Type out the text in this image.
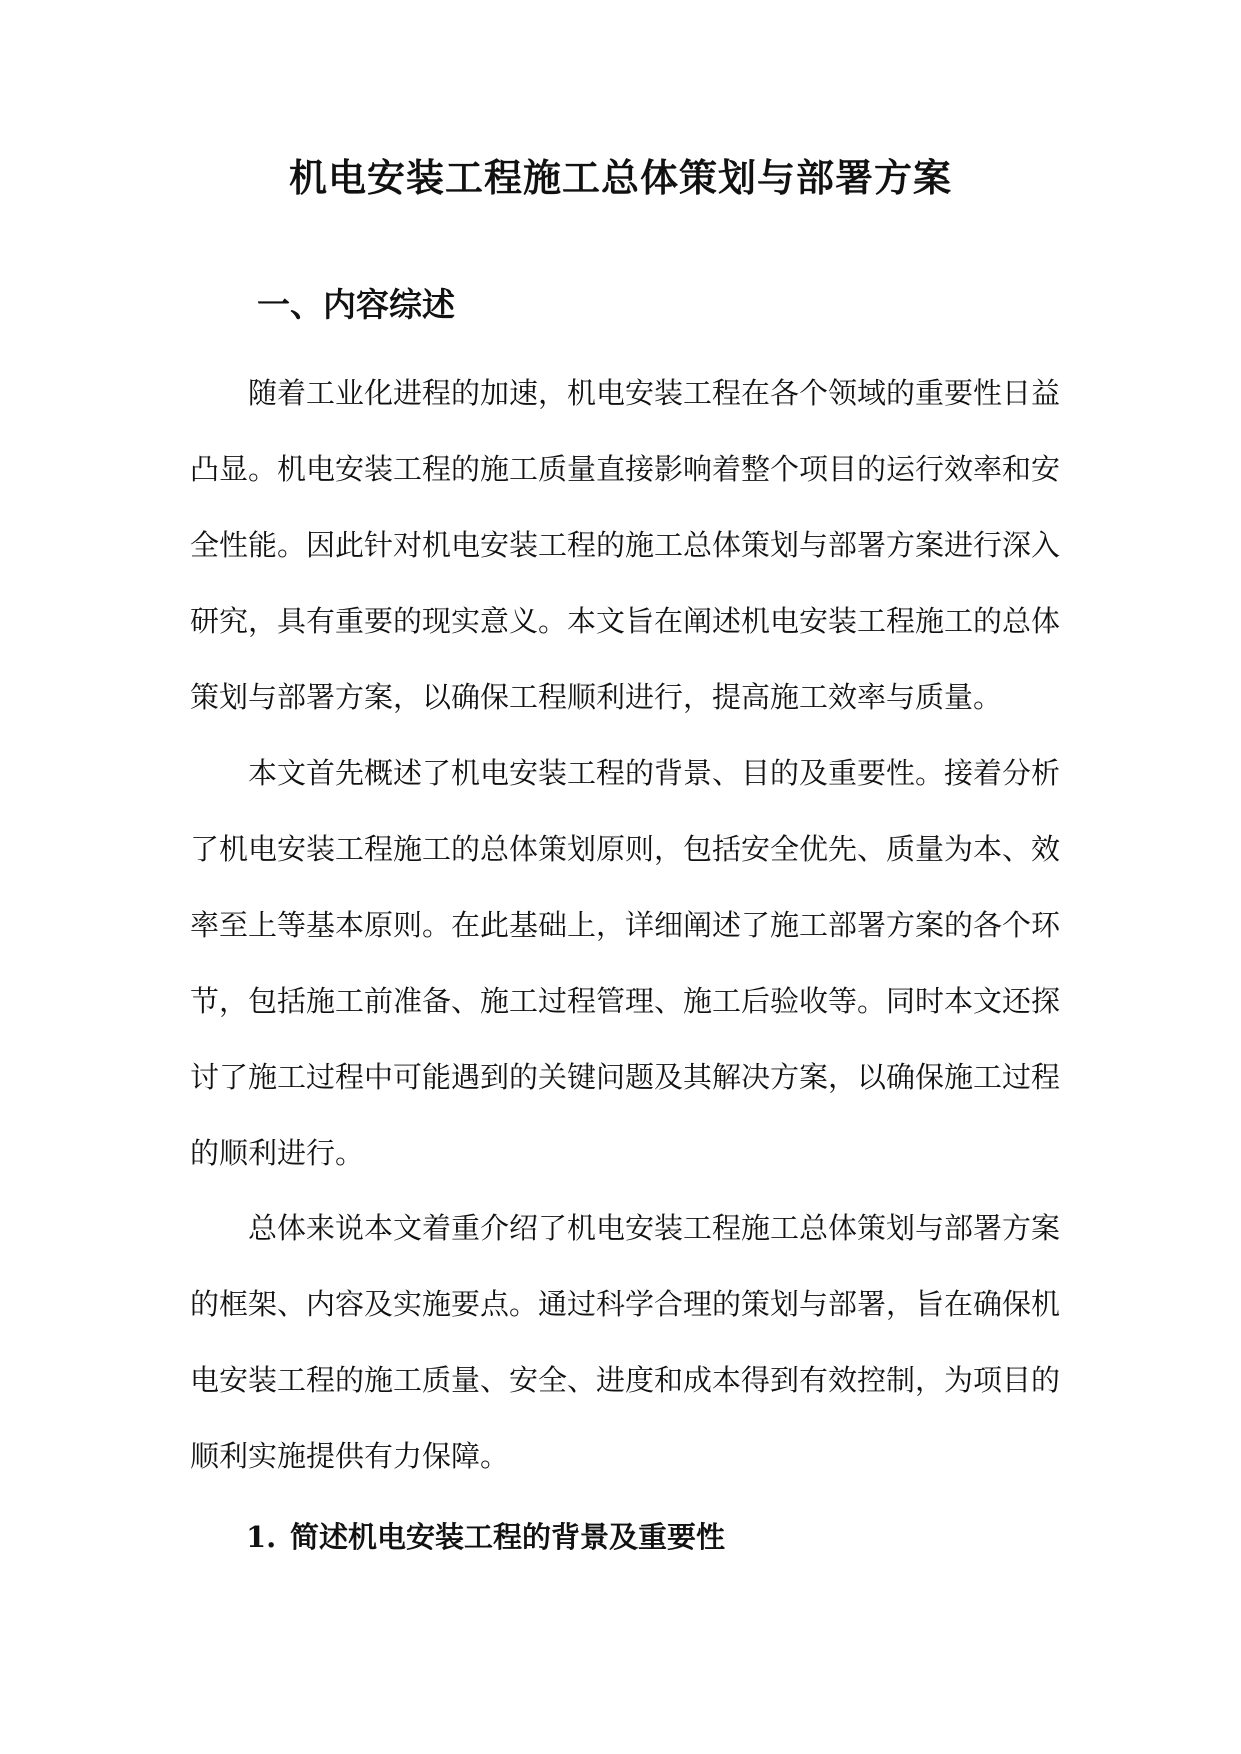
机电安装工程施工总体策划与部署方案
一、内容综述

随着工业化进程的加速，机电安装工程在各个领域的重要性日益凸显。机电安装工程的施工质量直接影响着整个项目的运行效率和安全性能。因此针对机电安装工程的施工总体策划与部署方案进行深入研究，具有重要的现实意义。本文旨在阐述机电安装工程施工的总体策划与部署方案，以确保工程顺利进行，提高施工效率与质量。

本文首先概述了机电安装工程的背景、目的及重要性。接着分析了机电安装工程施工的总体策划原则，包括安全优先、质量为本、效率至上等基本原则。在此基础上，详细阐述了施工部署方案的各个环节，包括施工前准备、施工过程管理、施工后验收等。同时本文还探讨了施工过程中可能遇到的关键问题及其解决方案，以确保施工过程的顺利进行。

总体来说本文着重介绍了机电安装工程施工总体策划与部署方案的框架、内容及实施要点。通过科学合理的策划与部署，旨在确保机电安装工程的施工质量、安全、进度和成本得到有效控制，为项目的顺利实施提供有力保障。

1. 简述机电安装工程的背景及重要性
